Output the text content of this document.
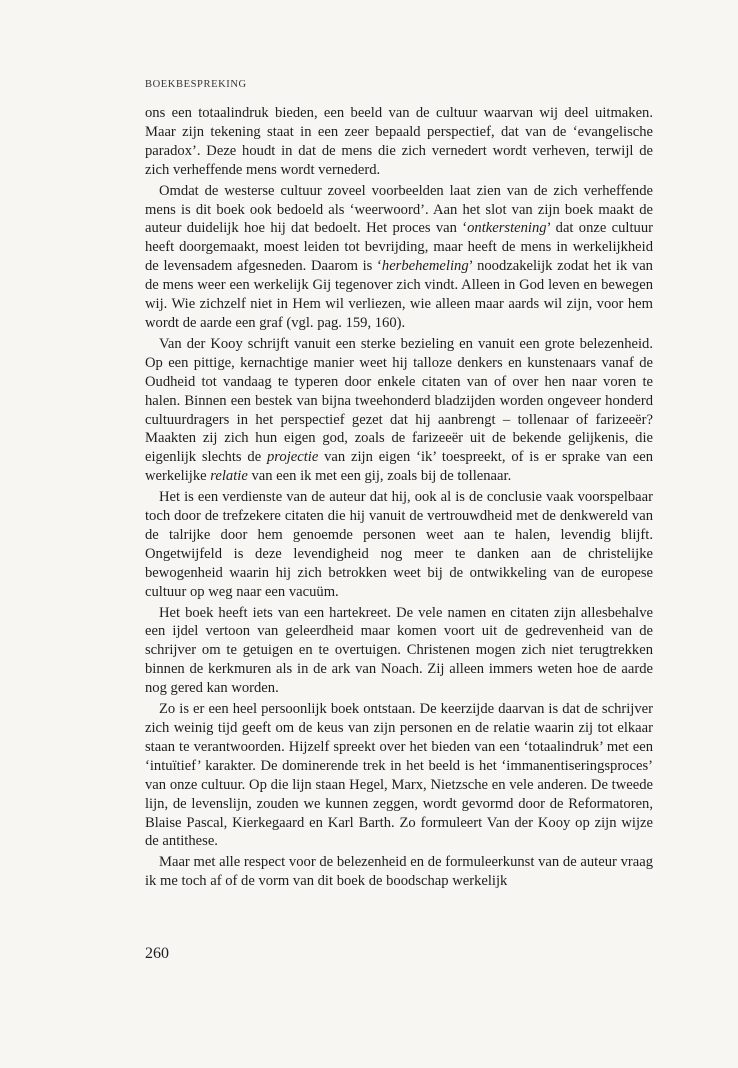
BOEKBESPREKING

ons een totaalindruk bieden, een beeld van de cultuur waarvan wij deel uitmaken. Maar zijn tekening staat in een zeer bepaald perspectief, dat van de ‘evangelische paradox’. Deze houdt in dat de mens die zich vernedert wordt verheven, terwijl de zich verheffende mens wordt vernederd.

Omdat de westerse cultuur zoveel voorbeelden laat zien van de zich verheffende mens is dit boek ook bedoeld als ‘weerwoord’. Aan het slot van zijn boek maakt de auteur duidelijk hoe hij dat bedoelt. Het proces van ‘ontkerstening’ dat onze cultuur heeft doorgemaakt, moest leiden tot bevrijding, maar heeft de mens in werkelijkheid de levensadem afgesneden. Daarom is ‘herbehemeling’ noodzakelijk zodat het ik van de mens weer een werkelijk Gij tegenover zich vindt. Alleen in God leven en bewegen wij. Wie zichzelf niet in Hem wil verliezen, wie alleen maar aards wil zijn, voor hem wordt de aarde een graf (vgl. pag. 159, 160).

Van der Kooy schrijft vanuit een sterke bezieling en vanuit een grote belezenheid. Op een pittige, kernachtige manier weet hij talloze denkers en kunstenaars vanaf de Oudheid tot vandaag te typeren door enkele citaten van of over hen naar voren te halen. Binnen een bestek van bijna tweehonderd bladzijden worden ongeveer honderd cultuurdragers in het perspectief gezet dat hij aanbrengt – tollenaar of farizeeër? Maakten zij zich hun eigen god, zoals de farizeeër uit de bekende gelijkenis, die eigenlijk slechts de projectie van zijn eigen ‘ik’ toespreekt, of is er sprake van een werkelijke relatie van een ik met een gij, zoals bij de tollenaar.

Het is een verdienste van de auteur dat hij, ook al is de conclusie vaak voorspelbaar toch door de trefzekere citaten die hij vanuit de vertrouwdheid met de denkwereld van de talrijke door hem genoemde personen weet aan te halen, levendig blijft. Ongetwijfeld is deze levendigheid nog meer te danken aan de christelijke bewogenheid waarin hij zich betrokken weet bij de ontwikkeling van de europese cultuur op weg naar een vacuüm.

Het boek heeft iets van een hartekreet. De vele namen en citaten zijn allesbehalve een ijdel vertoon van geleerdheid maar komen voort uit de gedrevenheid van de schrijver om te getuigen en te overtuigen. Christenen mogen zich niet terugtrekken binnen de kerkmuren als in de ark van Noach. Zij alleen immers weten hoe de aarde nog gered kan worden.

Zo is er een heel persoonlijk boek ontstaan. De keerzijde daarvan is dat de schrijver zich weinig tijd geeft om de keus van zijn personen en de relatie waarin zij tot elkaar staan te verantwoorden. Hijzelf spreekt over het bieden van een ‘totaalindruk’ met een ‘intuïtief’ karakter. De dominerende trek in het beeld is het ‘immanentiseringsproces’ van onze cultuur. Op die lijn staan Hegel, Marx, Nietzsche en vele anderen. De tweede lijn, de levenslijn, zouden we kunnen zeggen, wordt gevormd door de Reformatoren, Blaise Pascal, Kierkegaard en Karl Barth. Zo formuleert Van der Kooy op zijn wijze de antithese.

Maar met alle respect voor de belezenheid en de formuleerkunst van de auteur vraag ik me toch af of de vorm van dit boek de boodschap werkelijk

260
